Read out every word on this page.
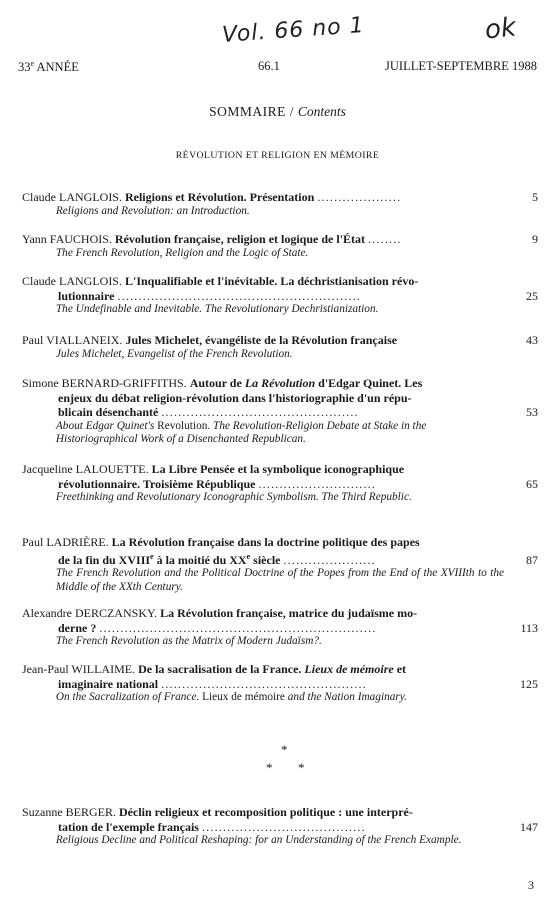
Vol. 66 no 1	ok
33e ANNÉE	66.1	JUILLET-SEPTEMBRE 1988
SOMMAIRE / Contents
RÉVOLUTION ET RELIGION EN MÉMOIRE
Claude LANGLOIS. Religions et Révolution. Présentation ....................	5
Religions and Revolution: an Introduction.
Yann FAUCHOIS. Révolution française, religion et logique de l'État ........	9
The French Revolution, Religion and the Logic of State.
Claude LANGLOIS. L'Inqualifiable et l'inévitable. La déchristianisation révo-
lutionnaire ..........................................................	25
The Undefinable and Inevitable. The Revolutionary Dechristianization.
Paul VIALLANEIX. Jules Michelet, évangéliste de la Révolution française	43
Jules Michelet, Evangelist of the French Revolution.
Simone BERNARD-GRIFFITHS. Autour de La Révolution d'Edgar Quinet. Les
enjeux du débat religion-révolution dans l'historiographie d'un répu-
blicain désenchanté ...............................................	53
About Edgar Quinet's Revolution. The Revolution-Religion Debate at Stake in the Historiographical Work of a Disenchanted Republican.
Jacqueline LALOUETTE. La Libre Pensée et la symbolique iconographique
révolutionnaire. Troisième République ............................	65
Freethinking and Revolutionary Iconographic Symbolism. The Third Republic.
Paul LADRIÈRE. La Révolution française dans la doctrine politique des papes
de la fin du XVIIIe à la moitié du XXe siècle ......................	87
The French Revolution and the Political Doctrine of the Popes from the End of the XVIIIth to the Middle of the XXth Century.
Alexandre DERCZANSKY. La Révolution française, matrice du judaïsme mo-
derne ? ..................................................................	113
The French Revolution as the Matrix of Modern Judaïsm?.
Jean-Paul WILLAIME. De la sacralisation de la France. Lieux de mémoire et
imaginaire national .................................................	125
On the Sacralization of France. Lieux de mémoire and the Nation Imaginary.
*
* *
Suzanne BERGER. Déclin religieux et recomposition politique : une interpré-
tation de l'exemple français .......................................	147
Religious Decline and Political Reshaping: for an Understanding of the French Example.
3
